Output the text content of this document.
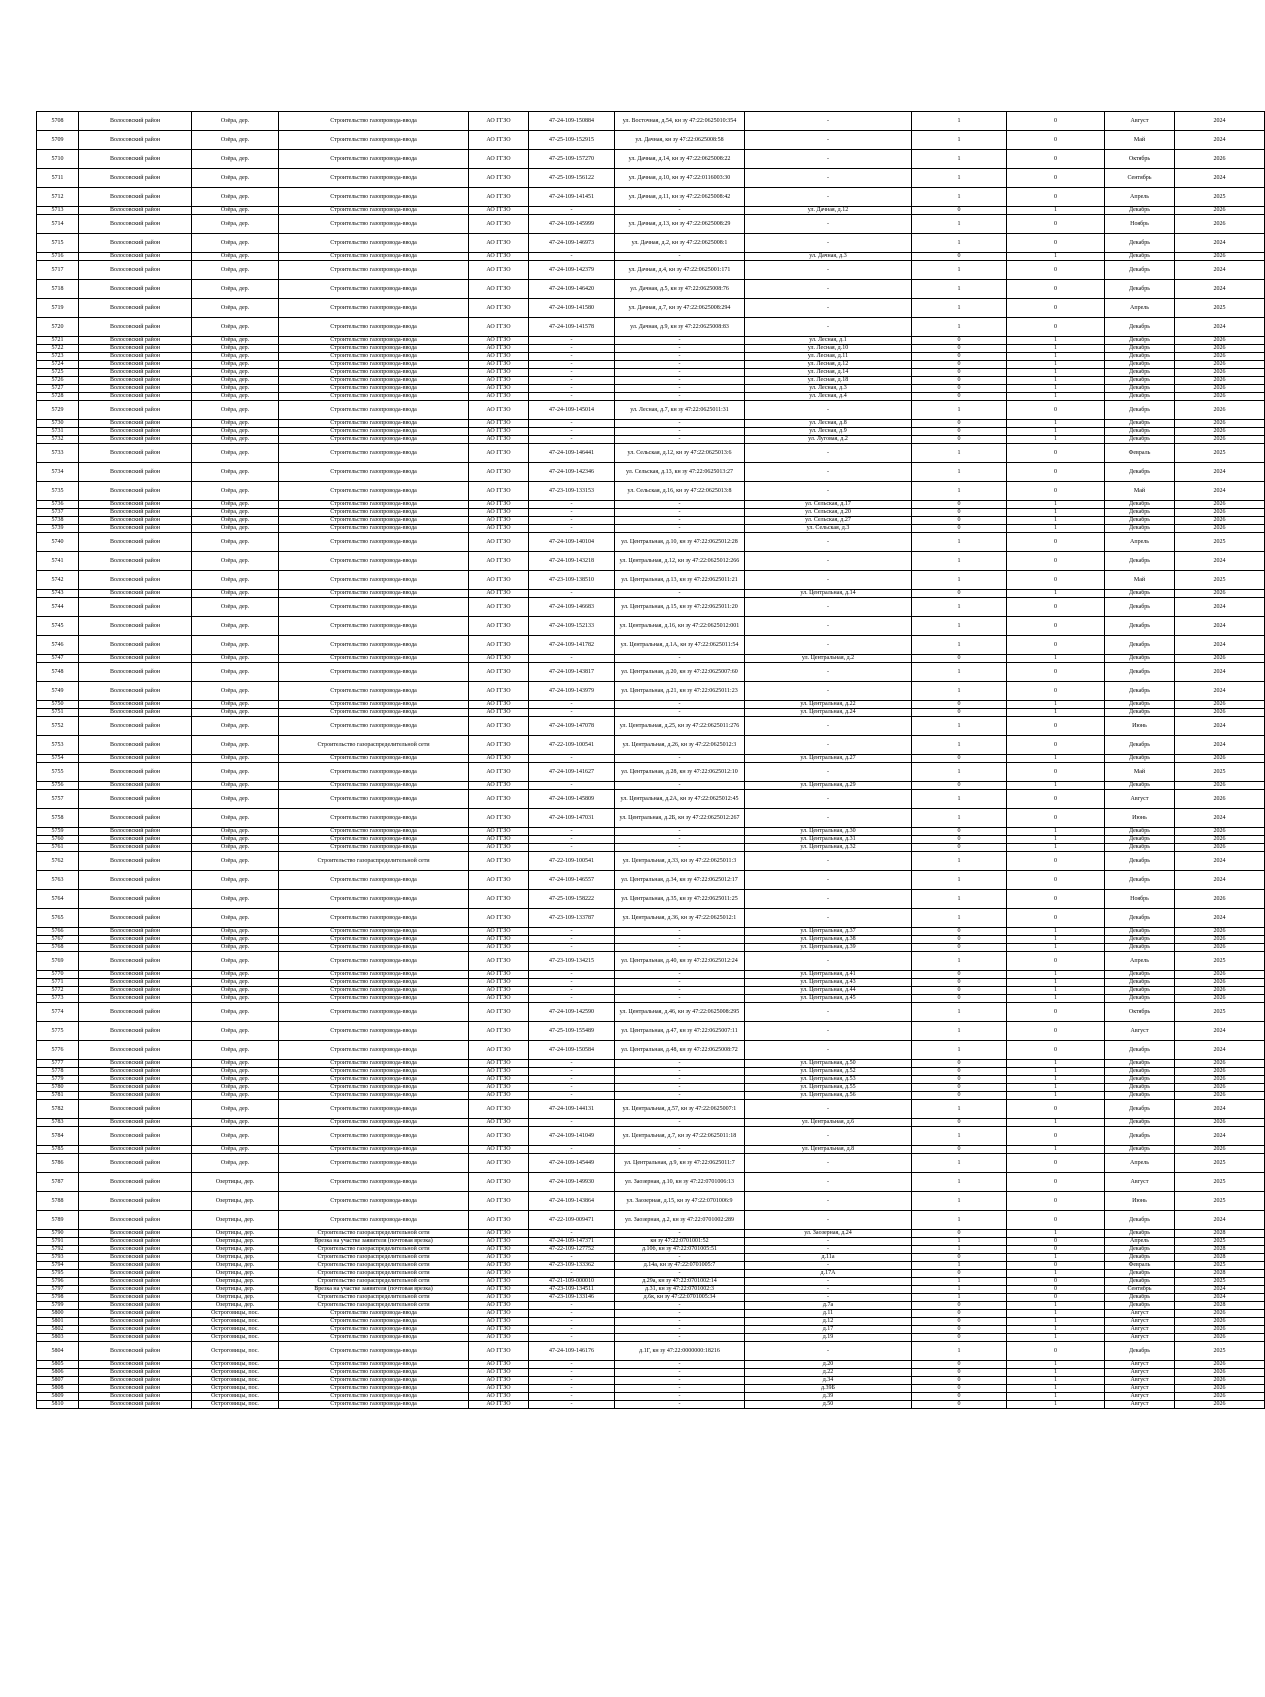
5708	Волосовский район	Озёра, дер.	Строительство газопровода-ввода	АО ГГЗО	47-24-109-150884	ул. Восточная, д.54, кн зу 47:22:0625010:354	-	1	0	Август	2024
5709	Волосовский район	Озёра, дер.	Строительство газопровода-ввода	АО ГГЗО	47-25-109-152915	ул. Дачная, кн зу 47:22:0625008:58	-	1	0	Май	2024
5710	Волосовский район	Озёра, дер.	Строительство газопровода-ввода	АО ГГЗО	47-25-109-157270	ул. Дачная, д.14, кн зу 47:22:0625008:22	-	1	0	Октябрь	2026
5711	Волосовский район	Озёра, дер.	Строительство газопровода-ввода	АО ГГЗО	47-25-109-156122	ул. Дачная, д.10, кн зу 47:22:0116003:30	-	1	0	Сентябрь	2024
5712	Волосовский район	Озёра, дер.	Строительство газопровода-ввода	АО ГГЗО	47-24-109-141451	ул. Дачная, д.11, кн зу 47:22:0625008:42	-	1	0	Апрель	2025
5713	Волосовский район	Озёра, дер.	Строительство газопровода-ввода	АО ГГЗО	-	-	ул. Дачная, д.12	0	1	Декабрь	2026
5714	Волосовский район	Озёра, дер.	Строительство газопровода-ввода	АО ГГЗО	47-24-109-145999	ул. Дачная, д.13, кн зу 47:22:0625008:29	-	1	0	Ноябрь	2026
5715	Волосовский район	Озёра, дер.	Строительство газопровода-ввода	АО ГГЗО	47-24-109-146973	ул. Дачная, д.2, кн зу 47:22:0625008:1	-	1	0	Декабрь	2024
5716	Волосовский район	Озёра, дер.	Строительство газопровода-ввода	АО ГГЗО	-	-	ул. Дачная, д.3	0	1	Декабрь	2026
5717	Волосовский район	Озёра, дер.	Строительство газопровода-ввода	АО ГГЗО	47-24-109-142379	ул. Дачная, д.4, кн зу 47:22:0625001:171	-	1	0	Декабрь	2024
5718	Волосовский район	Озёра, дер.	Строительство газопровода-ввода	АО ГГЗО	47-24-109-146420	ул. Дачная, д.5, кн зу 47:22:0625008:76	-	1	0	Декабрь	2024
5719	Волосовский район	Озёра, дер.	Строительство газопровода-ввода	АО ГГЗО	47-24-109-141580	ул. Дачная, д.7, кн зу 47:22:0625008:294	-	1	0	Апрель	2025
5720	Волосовский район	Озёра, дер.	Строительство газопровода-ввода	АО ГГЗО	47-24-109-141578	ул. Дачная, д.9, кн зу 47:22:0625008:83	-	1	0	Декабрь	2024
5721	Волосовский район	Озёра, дер.	Строительство газопровода-ввода	АО ГГЗО	-	-	ул. Лесная, д.1	0	1	Декабрь	2026
5722	Волосовский район	Озёра, дер.	Строительство газопровода-ввода	АО ГГЗО	-	-	ул. Лесная, д.10	0	1	Декабрь	2026
5723	Волосовский район	Озёра, дер.	Строительство газопровода-ввода	АО ГГЗО	-	-	ул. Лесная, д.11	0	1	Декабрь	2026
5724	Волосовский район	Озёра, дер.	Строительство газопровода-ввода	АО ГГЗО	-	-	ул. Лесная, д.12	0	1	Декабрь	2026
5725	Волосовский район	Озёра, дер.	Строительство газопровода-ввода	АО ГГЗО	-	-	ул. Лесная, д.14	0	1	Декабрь	2026
5726	Волосовский район	Озёра, дер.	Строительство газопровода-ввода	АО ГГЗО	-	-	ул. Лесная, д.18	0	1	Декабрь	2026
5727	Волосовский район	Озёра, дер.	Строительство газопровода-ввода	АО ГГЗО	-	-	ул. Лесная, д.3	0	1	Декабрь	2026
5728	Волосовский район	Озёра, дер.	Строительство газопровода-ввода	АО ГГЗО	-	-	ул. Лесная, д.4	0	1	Декабрь	2026
5729	Волосовский район	Озёра, дер.	Строительство газопровода-ввода	АО ГГЗО	47-24-109-145014	ул. Лесная, д.7, кн зу 47:22:0625011:31	-	1	0	Декабрь	2026
5730	Волосовский район	Озёра, дер.	Строительство газопровода-ввода	АО ГГЗО	-	-	ул. Лесная, д.8	0	1	Декабрь	2026
5731	Волосовский район	Озёра, дер.	Строительство газопровода-ввода	АО ГГЗО	-	-	ул. Лесная, д.9	0	1	Декабрь	2026
5732	Волосовский район	Озёра, дер.	Строительство газопровода-ввода	АО ГГЗО	-	-	ул. Луговая, д.2	0	1	Декабрь	2026
5733	Волосовский район	Озёра, дер.	Строительство газопровода-ввода	АО ГГЗО	47-24-109-146441	ул. Сельская, д.12, кн зу 47:22:0625013:6	-	1	0	Февраль	2025
5734	Волосовский район	Озёра, дер.	Строительство газопровода-ввода	АО ГГЗО	47-24-109-142346	ул. Сельская, д.13, кн зу 47:22:0625013:27	-	1	0	Декабрь	2024
5735	Волосовский район	Озёра, дер.	Строительство газопровода-ввода	АО ГГЗО	47-23-109-133153	ул. Сельская, д.16, кн зу 47:22:0625013:8	-	1	0	Май	2024
5736	Волосовский район	Озёра, дер.	Строительство газопровода-ввода	АО ГГЗО	-	-	ул. Сельская, д.17	0	1	Декабрь	2026
5737	Волосовский район	Озёра, дер.	Строительство газопровода-ввода	АО ГГЗО	-	-	ул. Сельская, д.20	0	1	Декабрь	2026
5738	Волосовский район	Озёра, дер.	Строительство газопровода-ввода	АО ГГЗО	-	-	ул. Сельская, д.27	0	1	Декабрь	2026
5739	Волосовский район	Озёра, дер.	Строительство газопровода-ввода	АО ГГЗО	-	-	ул. Сельская, д.3	0	1	Декабрь	2026
5740	Волосовский район	Озёра, дер.	Строительство газопровода-ввода	АО ГГЗО	47-24-109-140104	ул. Центральная, д.10, кн зу 47:22:0625012:28	-	1	0	Апрель	2025
5741	Волосовский район	Озёра, дер.	Строительство газопровода-ввода	АО ГГЗО	47-24-109-143218	ул. Центральная, д.12, кн зу 47:22:0625012:266	-	1	0	Декабрь	2024
5742	Волосовский район	Озёра, дер.	Строительство газопровода-ввода	АО ГГЗО	47-23-109-138510	ул. Центральная, д.13, кн зу 47:22:0625011:21	-	1	0	Май	2025
5743	Волосовский район	Озёра, дер.	Строительство газопровода-ввода	АО ГГЗО	-	-	ул. Центральная, д.14	0	1	Декабрь	2026
5744	Волосовский район	Озёра, дер.	Строительство газопровода-ввода	АО ГГЗО	47-24-109-146683	ул. Центральная, д.15, кн зу 47:22:0625011:20	-	1	0	Декабрь	2024
5745	Волосовский район	Озёра, дер.	Строительство газопровода-ввода	АО ГГЗО	47-24-109-152133	ул. Центральная, д.16, кн зу 47:22:0625012:001	-	1	0	Декабрь	2024
5746	Волосовский район	Озёра, дер.	Строительство газопровода-ввода	АО ГГЗО	47-24-109-141782	ул. Центральная, д.1А, кн зу 47:22:0625011:54	-	1	0	Декабрь	2024
5747	Волосовский район	Озёра, дер.	Строительство газопровода-ввода	АО ГГЗО	-	-	ул. Центральная, д.2	0	1	Декабрь	2026
5748	Волосовский район	Озёра, дер.	Строительство газопровода-ввода	АО ГГЗО	47-24-109-143817	ул. Центральная, д.20, кн зу 47:22:0625007:60	-	1	0	Декабрь	2024
5749	Волосовский район	Озёра, дер.	Строительство газопровода-ввода	АО ГГЗО	47-24-109-143979	ул. Центральная, д.21, кн зу 47:22:0625011:23	-	1	0	Декабрь	2024
5750	Волосовский район	Озёра, дер.	Строительство газопровода-ввода	АО ГГЗО	-	-	ул. Центральная, д.22	0	1	Декабрь	2026
5751	Волосовский район	Озёра, дер.	Строительство газопровода-ввода	АО ГГЗО	-	-	ул. Центральная, д.24	0	1	Декабрь	2026
5752	Волосовский район	Озёра, дер.	Строительство газопровода-ввода	АО ГГЗО	47-24-109-147078	ул. Центральная, д.25, кн зу 47:22:0625011:276	-	1	0	Июнь	2024
5753	Волосовский район	Озёра, дер.	Строительство газораспределительной сети	АО ГГЗО	47-22-109-100541	ул. Центральная, д.26, кн зу 47:22:0625012:3	-	1	0	Декабрь	2024
5754	Волосовский район	Озёра, дер.	Строительство газопровода-ввода	АО ГГЗО	-	-	ул. Центральная, д.27	0	1	Декабрь	2026
5755	Волосовский район	Озёра, дер.	Строительство газопровода-ввода	АО ГГЗО	47-24-109-141627	ул. Центральная, д.28, кн зу 47:22:0625012:10	-	1	0	Май	2025
5756	Волосовский район	Озёра, дер.	Строительство газопровода-ввода	АО ГГЗО	-	-	ул. Центральная, д.29	0	1	Декабрь	2026
5757	Волосовский район	Озёра, дер.	Строительство газопровода-ввода	АО ГГЗО	47-24-109-145809	ул. Центральная, д.2А, кн зу 47:22:0625012:45	-	1	0	Август	2026
5758	Волосовский район	Озёра, дер.	Строительство газопровода-ввода	АО ГГЗО	47-24-109-147031	ул. Центральная, д.2Б, кн зу 47:22:0625012:267	-	1	0	Июнь	2024
5759	Волосовский район	Озёра, дер.	Строительство газопровода-ввода	АО ГГЗО	-	-	ул. Центральная, д.30	0	1	Декабрь	2026
5760	Волосовский район	Озёра, дер.	Строительство газопровода-ввода	АО ГГЗО	-	-	ул. Центральная, д.31	0	1	Декабрь	2026
5761	Волосовский район	Озёра, дер.	Строительство газопровода-ввода	АО ГГЗО	-	-	ул. Центральная, д.32	0	1	Декабрь	2026
5762	Волосовский район	Озёра, дер.	Строительство газораспределительной сети	АО ГГЗО	47-22-109-100541	ул. Центральная, д.33, кн зу 47:22:0625011:3	-	1	0	Декабрь	2024
5763	Волосовский район	Озёра, дер.	Строительство газопровода-ввода	АО ГГЗО	47-24-109-146557	ул. Центральная, д.34, кн зу 47:22:0625012:17	-	1	0	Декабрь	2024
5764	Волосовский район	Озёра, дер.	Строительство газопровода-ввода	АО ГГЗО	47-25-109-158222	ул. Центральная, д.35, кн зу 47:22:0625011:25	-	1	0	Ноябрь	2026
5765	Волосовский район	Озёра, дер.	Строительство газопровода-ввода	АО ГГЗО	47-23-109-133787	ул. Центральная, д.36, кн зу 47:22:0625012:1	-	1	0	Декабрь	2024
5766	Волосовский район	Озёра, дер.	Строительство газопровода-ввода	АО ГГЗО	-	-	ул. Центральная, д.37	0	1	Декабрь	2026
5767	Волосовский район	Озёра, дер.	Строительство газопровода-ввода	АО ГГЗО	-	-	ул. Центральная, д.38	0	1	Декабрь	2026
5768	Волосовский район	Озёра, дер.	Строительство газопровода-ввода	АО ГГЗО	-	-	ул. Центральная, д.39	0	1	Декабрь	2026
5769	Волосовский район	Озёра, дер.	Строительство газопровода-ввода	АО ГГЗО	47-23-109-134215	ул. Центральная, д.40, кн зу 47:22:0625012:24	-	1	0	Апрель	2025
5770	Волосовский район	Озёра, дер.	Строительство газопровода-ввода	АО ГГЗО	-	-	ул. Центральная, д.41	0	1	Декабрь	2026
5771	Волосовский район	Озёра, дер.	Строительство газопровода-ввода	АО ГГЗО	-	-	ул. Центральная, д.43	0	1	Декабрь	2026
5772	Волосовский район	Озёра, дер.	Строительство газопровода-ввода	АО ГГЗО	-	-	ул. Центральная, д.44	0	1	Декабрь	2026
5773	Волосовский район	Озёра, дер.	Строительство газопровода-ввода	АО ГГЗО	-	-	ул. Центральная, д.45	0	1	Декабрь	2026
5774	Волосовский район	Озёра, дер.	Строительство газопровода-ввода	АО ГГЗО	47-24-109-142590	ул. Центральная, д.46, кн зу 47:22:0625008:295	-	1	0	Октябрь	2025
5775	Волосовский район	Озёра, дер.	Строительство газопровода-ввода	АО ГГЗО	47-25-109-155489	ул. Центральная, д.47, кн зу 47:22:0625007:11	-	1	0	Август	2024
5776	Волосовский район	Озёра, дер.	Строительство газопровода-ввода	АО ГГЗО	47-24-109-150584	ул. Центральная, д.48, кн зу 47:22:0625008:72	-	1	0	Декабрь	2024
5777	Волосовский район	Озёра, дер.	Строительство газопровода-ввода	АО ГГЗО	-	-	ул. Центральная, д.50	0	1	Декабрь	2026
5778	Волосовский район	Озёра, дер.	Строительство газопровода-ввода	АО ГГЗО	-	-	ул. Центральная, д.52	0	1	Декабрь	2026
5779	Волосовский район	Озёра, дер.	Строительство газопровода-ввода	АО ГГЗО	-	-	ул. Центральная, д.53	0	1	Декабрь	2026
5780	Волосовский район	Озёра, дер.	Строительство газопровода-ввода	АО ГГЗО	-	-	ул. Центральная, д.55	0	1	Декабрь	2026
5781	Волосовский район	Озёра, дер.	Строительство газопровода-ввода	АО ГГЗО	-	-	ул. Центральная, д.56	0	1	Декабрь	2026
5782	Волосовский район	Озёра, дер.	Строительство газопровода-ввода	АО ГГЗО	47-24-109-144131	ул. Центральная, д.57, кн зу 47:22:0625007:1	-	1	0	Декабрь	2024
5783	Волосовский район	Озёра, дер.	Строительство газопровода-ввода	АО ГГЗО	-	-	ул. Центральная, д.6	0	1	Декабрь	2026
5784	Волосовский район	Озёра, дер.	Строительство газопровода-ввода	АО ГГЗО	47-24-109-141049	ул. Центральная, д.7, кн зу 47:22:0625011:18	-	1	0	Декабрь	2024
5785	Волосовский район	Озёра, дер.	Строительство газопровода-ввода	АО ГГЗО	-	-	ул. Центральная, д.8	0	1	Декабрь	2026
5786	Волосовский район	Озёра, дер.	Строительство газопровода-ввода	АО ГГЗО	47-24-109-145449	ул. Центральная, д.9, кн зу 47:22:0625011:7	-	1	0	Апрель	2025
5787	Волосовский район	Озертицы, дер.	Строительство газопровода-ввода	АО ГГЗО	47-24-109-149930	ул. Заозерная, д.10, кн зу 47:22:0701006:13	-	1	0	Август	2025
5788	Волосовский район	Озертицы, дер.	Строительство газопровода-ввода	АО ГГЗО	47-24-109-143864	ул. Заозерная, д.15, кн зу 47:22:0701006:9	-	1	0	Июнь	2025
5789	Волосовский район	Озертицы, дер.	Строительство газопровода-ввода	АО ГГЗО	47-22-109-009471	ул. Заозерная, д.2, кн зу 47:22:0701002:289	-	1	0	Декабрь	2024
5790	Волосовский район	Озертицы, дер.	Строительство газораспределительной сети	АО ГГЗО	-	-	ул. Заозерная, д.24	0	1	Декабрь	2028
5791	Волосовский район	Озертицы, дер.	Врезка на участке заявителя (почтовая врезка)	АО ГГЗО	47-24-109-147371	кн зу 47:22:0701001:52	-	1	0	Апрель	2025
5792	Волосовский район	Озертицы, дер.	Строительство газораспределительной сети	АО ГГЗО	47-22-109-127752	д.10б, кн зу 47:22:0701005:51	-	1	0	Декабрь	2028
5793	Волосовский район	Озертицы, дер.	Строительство газораспределительной сети	АО ГГЗО	-	-	д.11а	0	1	Декабрь	2028
5794	Волосовский район	Озертицы, дер.	Строительство газораспределительной сети	АО ГГЗО	47-23-109-133362	д.14а, кн зу 47:22:0701005:7	-	1	0	Февраль	2025
5795	Волосовский район	Озертицы, дер.	Строительство газораспределительной сети	АО ГГЗО	-	-	д.17А	0	1	Декабрь	2028
5796	Волосовский район	Озертицы, дер.	Строительство газораспределительной сети	АО ГГЗО	47-21-109-000010	д.29а, кн зу 47:22:0701002:14	-	1	0	Декабрь	2025
5797	Волосовский район	Озертицы, дер.	Врезка на участке заявителя (почтовая врезка)	АО ГГЗО	47-23-109-134511	д.31, кн зу 47:22:0701002:3	-	1	0	Сентябрь	2024
5798	Волосовский район	Озертицы, дер.	Строительство газораспределительной сети	АО ГГЗО	47-23-109-133146	д.6к, кн зу 47:22:0701005:34	-	1	0	Декабрь	2024
5799	Волосовский район	Озертицы, дер.	Строительство газораспределительной сети	АО ГГЗО	-	-	д.7а	0	1	Декабрь	2028
5800	Волосовский район	Остроговицы, пос.	Строительство газопровода-ввода	АО ГГЗО	-	-	д.11	0	1	Август	2026
5801	Волосовский район	Остроговицы, пос.	Строительство газопровода-ввода	АО ГГЗО	-	-	д.12	0	1	Август	2026
5802	Волосовский район	Остроговицы, пос.	Строительство газопровода-ввода	АО ГГЗО	-	-	д.17	0	1	Август	2026
5803	Волосовский район	Остроговицы, пос.	Строительство газопровода-ввода	АО ГГЗО	-	-	д.19	0	1	Август	2026
5804	Волосовский район	Остроговицы, пос.	Строительство газопровода-ввода	АО ГГЗО	47-24-109-146176	д.1Г, кн зу 47:22:0000000:18216	-	1	0	Декабрь	2025
5805	Волосовский район	Остроговицы, пос.	Строительство газопровода-ввода	АО ГГЗО	-	-	д.20	0	1	Август	2026
5806	Волосовский район	Остроговицы, пос.	Строительство газопровода-ввода	АО ГГЗО	-	-	д.22	0	1	Август	2026
5807	Волосовский район	Остроговицы, пос.	Строительство газопровода-ввода	АО ГГЗО	-	-	д.34	0	1	Август	2026
5808	Волосовский район	Остроговицы, пос.	Строительство газопровода-ввода	АО ГГЗО	-	-	д.39Б	0	1	Август	2026
5809	Волосовский район	Остроговицы, пос.	Строительство газопровода-ввода	АО ГГЗО	-	-	д.39	0	1	Август	2026
5810	Волосовский район	Остроговицы, пос.	Строительство газопровода-ввода	АО ГГЗО	-	-	д.50	0	1	Август	2026
